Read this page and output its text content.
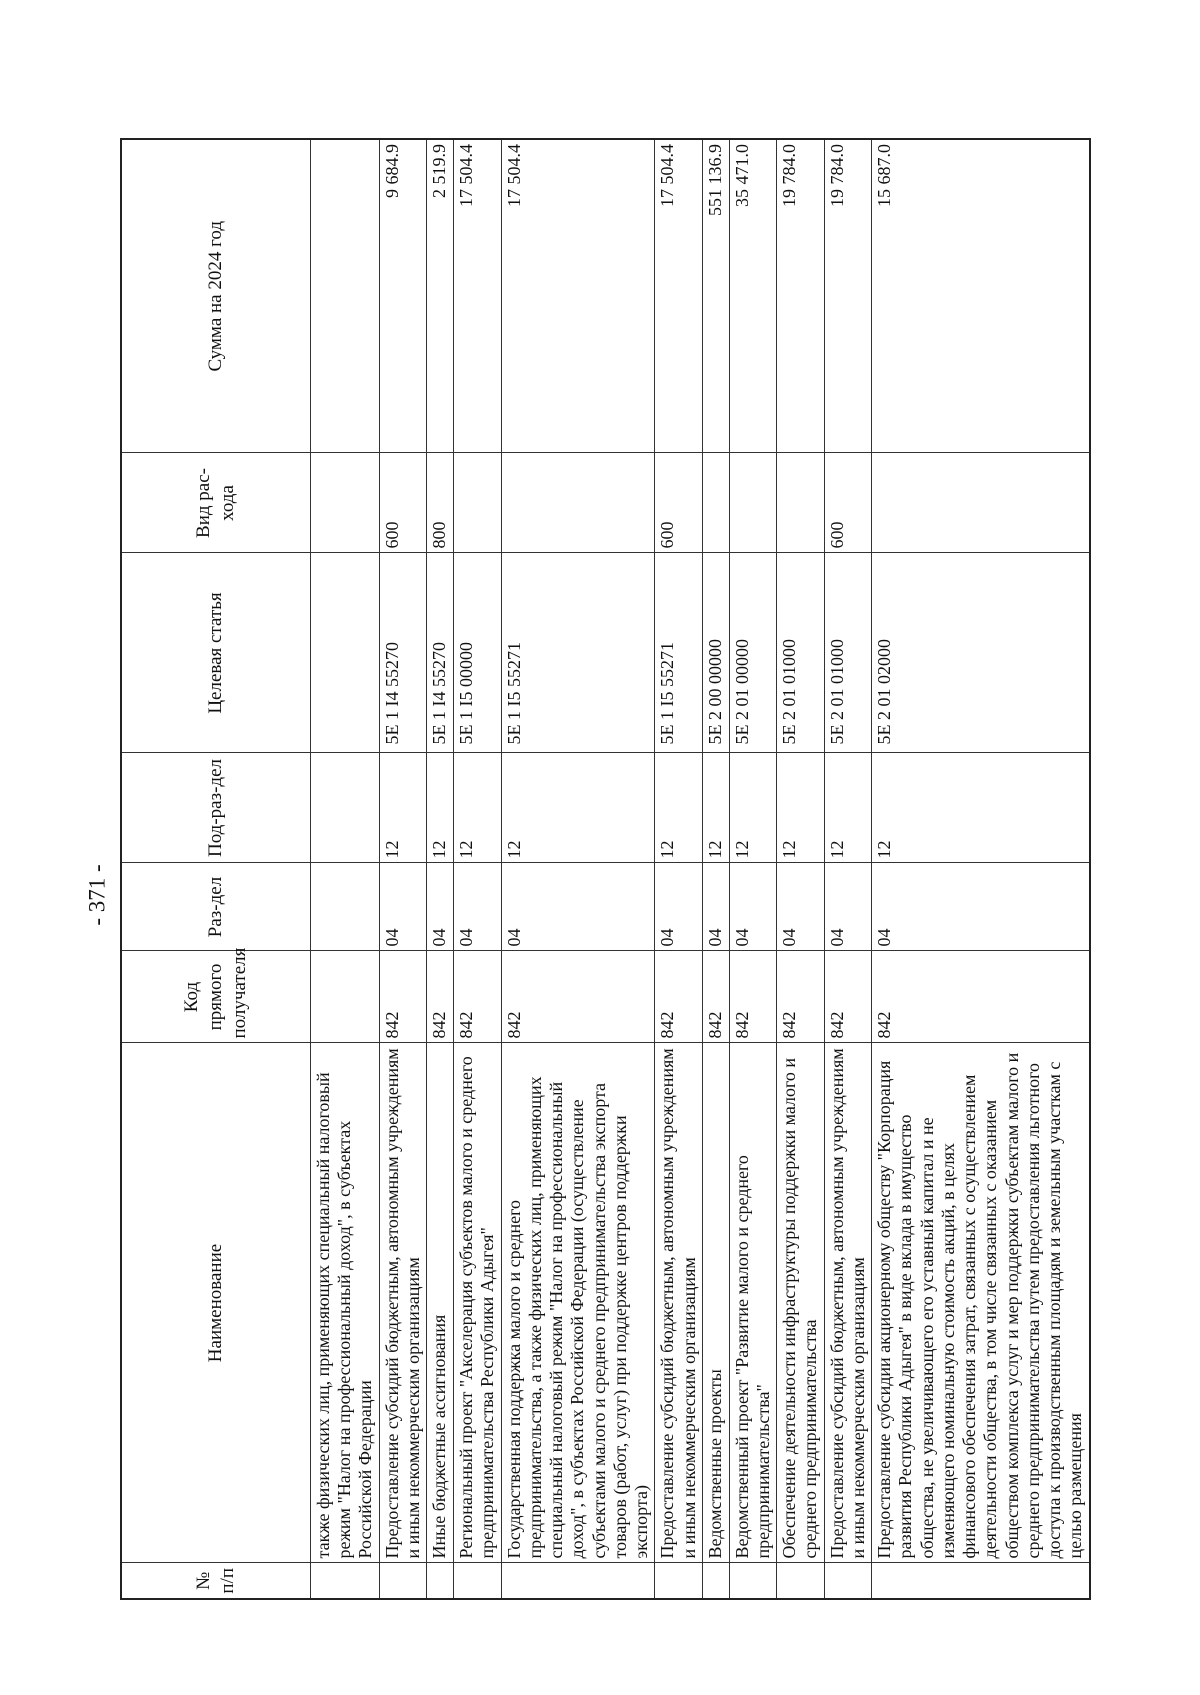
- 371 -
№ п/п	Наименование	Код прямого получателя	Раз-дел	Под-раз-дел	Целевая статья	Вид рас-хода	Сумма на 2024 год
	также физических лиц, применяющих специальный налоговый режим "Налог на профессиональный доход", в субъектах Российской Федерации						
	Предоставление субсидий бюджетным, автономным учреждениям и иным некоммерческим организациям	842	04	12	5E 1 I4 55270	600	9 684.9
	Иные бюджетные ассигнования	842	04	12	5E 1 I4 55270	800	2 519.9
	Региональный проект "Акселерация субъектов малого и среднего предпринимательства Республики Адыгея"	842	04	12	5E 1 I5 00000		17 504.4
	Государственная поддержка малого и среднего предпринимательства, а также физических лиц, применяющих специальный налоговый режим "Налог на профессиональный доход", в субъектах Российской Федерации (осуществление субъектами малого и среднего предпринимательства экспорта товаров (работ, услуг) при поддержке центров поддержки экспорта)	842	04	12	5E 1 I5 55271		17 504.4
	Предоставление субсидий бюджетным, автономным учреждениям и иным некоммерческим организациям	842	04	12	5E 1 I5 55271	600	17 504.4
	Ведомственные проекты	842	04	12	5E 2 00 00000		551 136.9
	Ведомственный проект "Развитие малого и среднего предпринимательства"	842	04	12	5E 2 01 00000		35 471.0
	Обеспечение деятельности инфраструктуры поддержки малого и среднего предпринимательства	842	04	12	5E 2 01 01000		19 784.0
	Предоставление субсидий бюджетным, автономным учреждениям и иным некоммерческим организациям	842	04	12	5E 2 01 01000	600	19 784.0
	Предоставление субсидии акционерному обществу "Корпорация развития Республики Адыгея" в виде вклада в имущество общества, не увеличивающего его уставный капитал и не изменяющего номинальную стоимость акций, в целях финансового обеспечения затрат, связанных с осуществлением деятельности общества, в том числе связанных с оказанием обществом комплекса услуг и мер поддержки субъектам малого и среднего предпринимательства путем предоставления льготного доступа к производственным площадям и земельным участкам с целью размещения	842	04	12	5E 2 01 02000		15 687.0
